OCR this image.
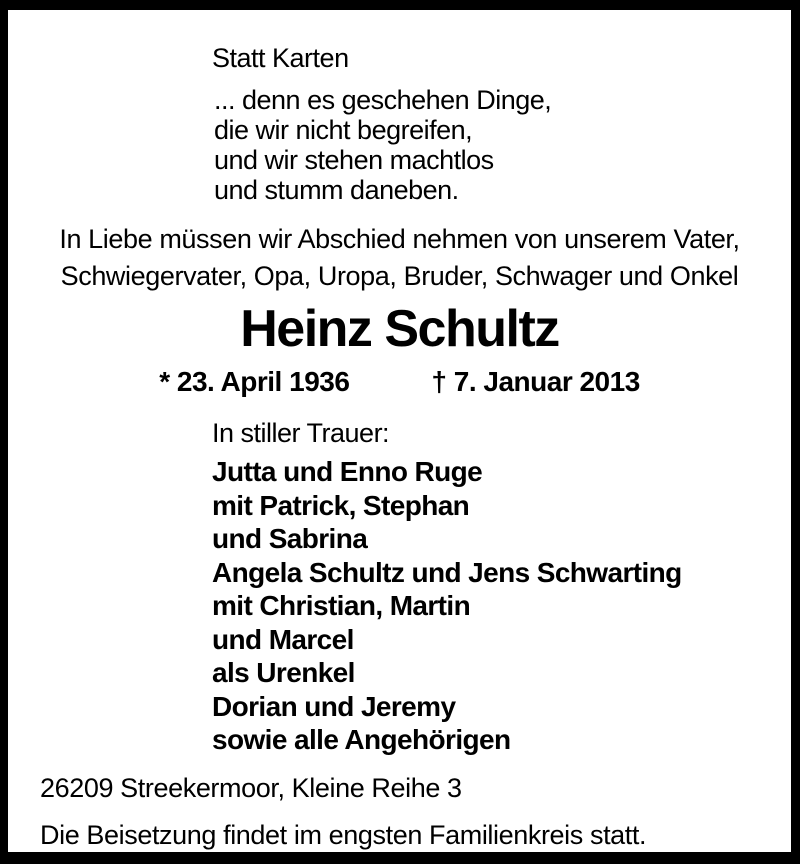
Statt Karten
... denn es geschehen Dinge,
die wir nicht begreifen,
und wir stehen machtlos
und stumm daneben.
In Liebe müssen wir Abschied nehmen von unserem Vater,
Schwiegervater, Opa, Uropa, Bruder, Schwager und Onkel
Heinz Schultz
* 23. April 1936	† 7. Januar 2013
In stiller Trauer:
Jutta und Enno Ruge
mit Patrick, Stephan
und Sabrina
Angela Schultz und Jens Schwarting
mit Christian, Martin
und Marcel
als Urenkel
Dorian und Jeremy
sowie alle Angehörigen
26209 Streekermoor, Kleine Reihe 3
Die Beisetzung findet im engsten Familienkreis statt.
